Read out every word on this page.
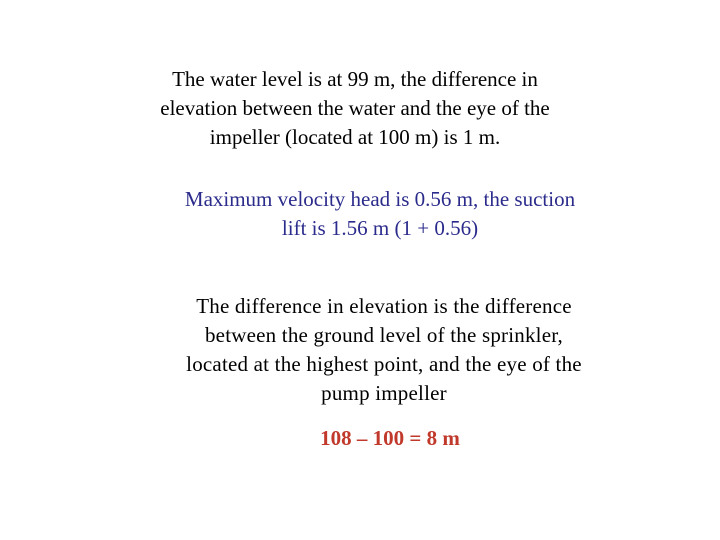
The water level is at 99 m, the difference in
elevation between the water and the eye of the
impeller (located at 100 m) is 1 m.
Maximum velocity head is 0.56 m, the suction
lift is 1.56 m (1 + 0.56)
The difference in elevation is the difference
between the ground level of the sprinkler,
located at the highest point, and the eye of the
pump impeller
108 – 100 = 8 m
